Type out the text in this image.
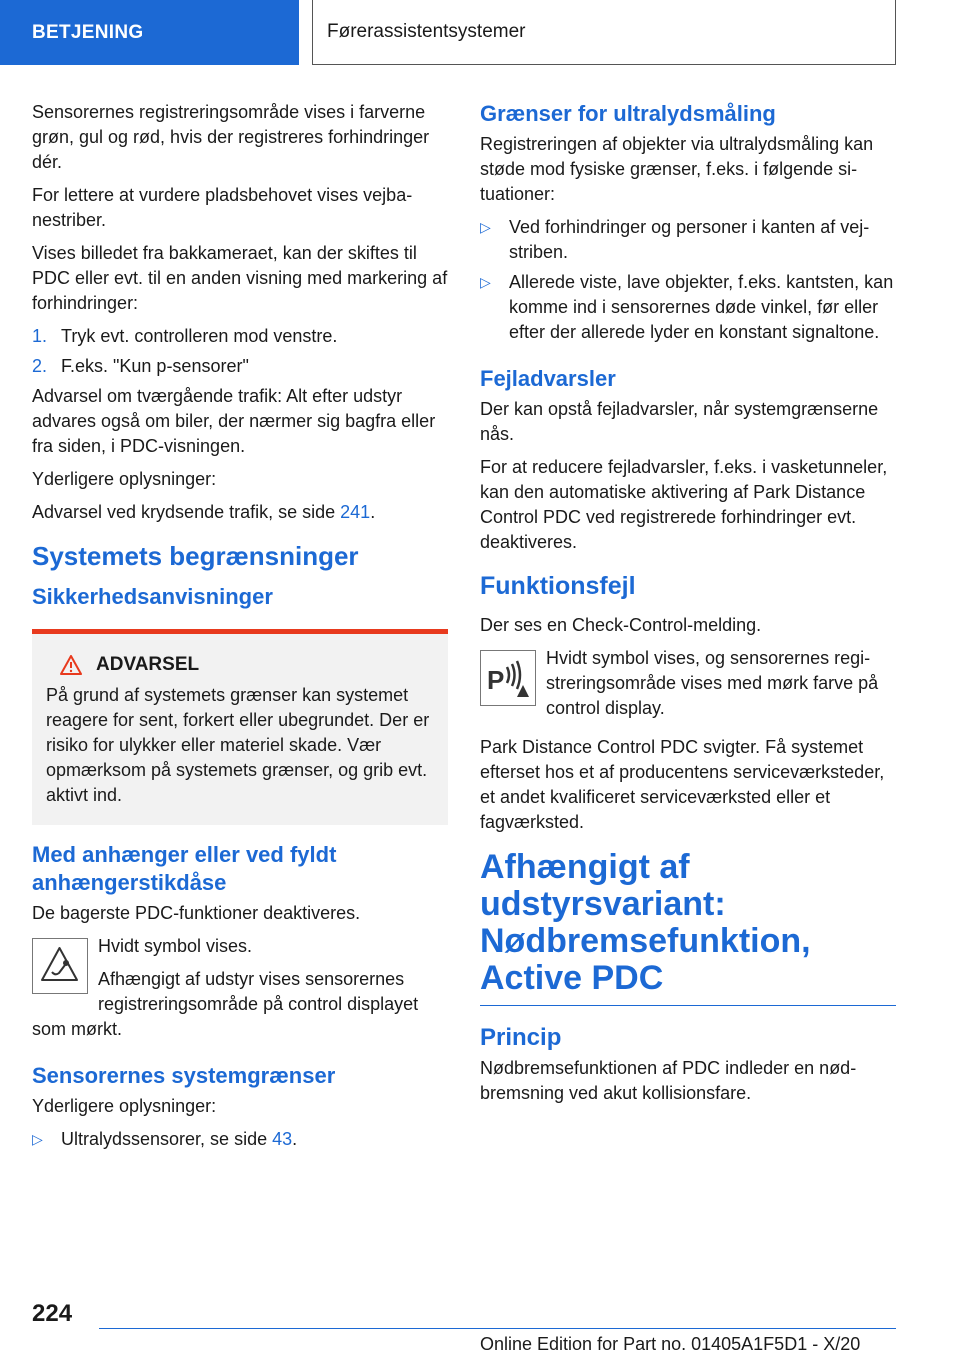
BETJENING	Førerassistentsystemer

Sensorernes registreringsområde vises i farverne grøn, gul og rød, hvis der registreres forhindringer dér.

For lettere at vurdere pladsbehovet vises vejbanestriber.

Vises billedet fra bakkameraet, kan der skiftes til PDC eller evt. til en anden visning med markering af forhindringer:

1. Tryk evt. controlleren mod venstre.
2. F.eks. "Kun p-sensorer"

Advarsel om tværgående trafik: Alt efter udstyr advares også om biler, der nærmer sig bagfra eller fra siden, i PDC-visningen.

Yderligere oplysninger:

Advarsel ved krydsende trafik, se side 241.

Systemets begrænsninger
Sikkerhedsanvisninger
ADVARSEL
På grund af systemets grænser kan systemet reagere for sent, forkert eller ubegrundet. Der er risiko for ulykker eller materiel skade. Vær opmærksom på systemets grænser, og grib evt. aktivt ind.
Med anhænger eller ved fyldt anhængerstikdåse

De bagerste PDC-funktioner deaktiveres.

Hvidt symbol vises.

Afhængigt af udstyr vises sensorernes registreringsområde på control displayet

som mørkt.

Sensorernes systemgrænser

Yderligere oplysninger:

▷	Ultralydssensorer, se side 43.
Grænser for ultralydsmåling

Registreringen af objekter via ultralydsmåling kan støde mod fysiske grænser, f.eks. i følgende situationer:

▷	Ved forhindringer og personer i kanten af vejstriben.
▷	Allerede viste, lave objekter, f.eks. kantsten, kan komme ind i sensorernes døde vinkel, før eller efter der allerede lyder en konstant signaltone.
Fejladvarsler

Der kan opstå fejladvarsler, når systemgrænserne nås.

For at reducere fejladvarsler, f.eks. i vasketunneler, kan den automatiske aktivering af Park Distance Control PDC ved registrerede forhindringer evt. deaktiveres.

Funktionsfejl

Der ses en Check-Control-melding.

P
Hvidt symbol vises, og sensorernes registreringsområde vises med mørk farve på control display.

Park Distance Control PDC svigter. Få systemet efterset hos et af producentens serviceværksteder, et andet kvalificeret serviceværksted eller et fagværksted.

Afhængigt af udstyrsvariant: Nødbremsefunktion, Active PDC
Princip

Nødbremsefunktionen af PDC indleder en nødbremsning ved akut kollisionsfare.

224
Online Edition for Part no. 01405A1F5D1 - X/20
